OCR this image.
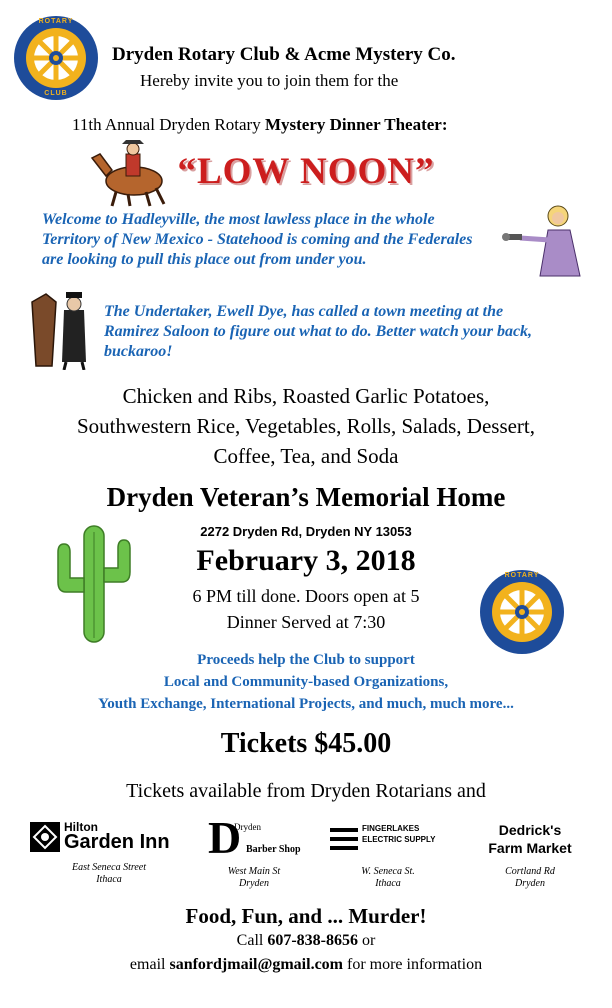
ROTARY
CLUB
Dryden Rotary Club & Acme Mystery Co.
Hereby invite you to join them for the
11th Annual Dryden Rotary Mystery Dinner Theater:
“LOW NOON”
Welcome to Hadleyville, the most lawless place in the whole Territory of New Mexico - Statehood is coming and the Federales are looking to pull this place out from under you.
The Undertaker, Ewell Dye, has called a town meeting at the Ramirez Saloon to figure out what to do. Better watch your back, buckaroo!
Chicken and Ribs, Roasted Garlic Potatoes,
Southwestern Rice, Vegetables, Rolls, Salads, Dessert,
Coffee, Tea, and Soda
Dryden Veteran’s Memorial Home
2272 Dryden Rd, Dryden NY 13053
February 3, 2018
6 PM till done. Doors open at 5
Dinner Served at 7:30
ROTARY
Proceeds help the Club to support
Local and Community-based Organizations,
Youth Exchange, International Projects, and much, much more...
Tickets $45.00
Tickets available from Dryden Rotarians and
Hilton
Garden Inn
East Seneca Street
Ithaca
D
Dryden
Barber Shop
West Main St
Dryden
FINGERLAKES
ELECTRIC SUPPLY
W. Seneca St.
Ithaca
Dedrick's
Farm Market
Cortland Rd
Dryden
Food, Fun, and ... Murder!
Call 607-838-8656 or
email sanfordjmail@gmail.com for more information
